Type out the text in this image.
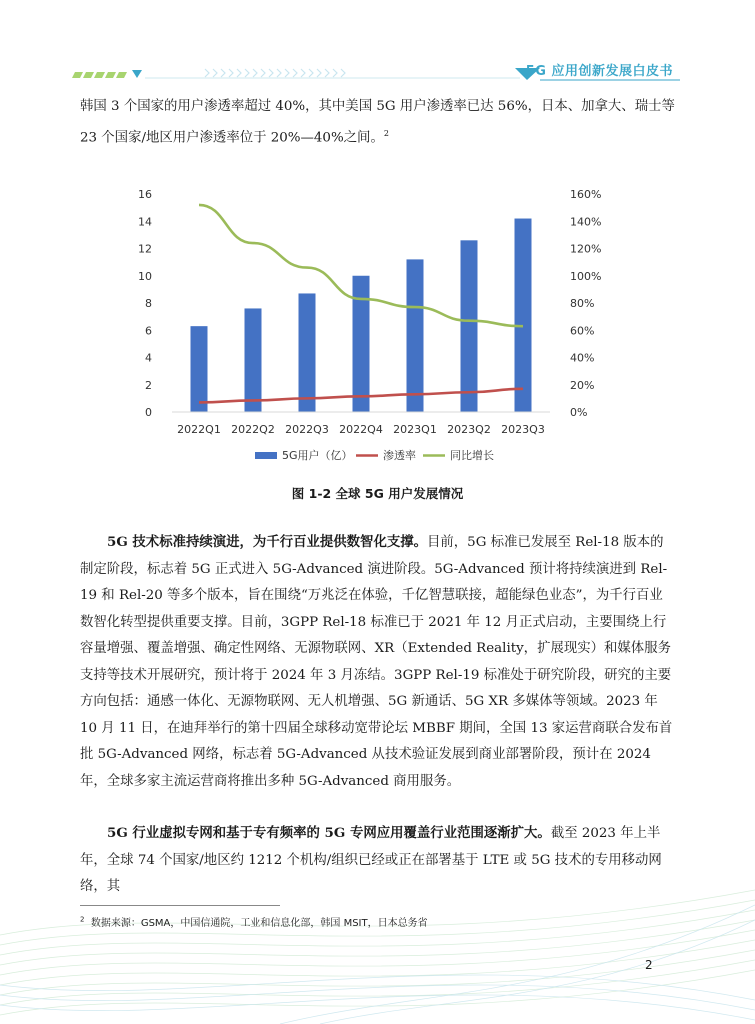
5G 应用创新发展白皮书

韩国 3 个国家的用户渗透率超过 40%，其中美国 5G 用户渗透率已达 56%，日本、加拿大、瑞士等 23 个国家/地区用户渗透率位于 20%—40%之间。$^2$

0
2
4
6
8
10
12
14
16
0%
20%
40%
60%
80%
100%
120%
140%
160%
2022Q1 2022Q2 2022Q3 2022Q4 2023Q1 2023Q2 2023Q3
5G用户（亿）	渗透率	同比增长
图 1-2 全球 5G 用户发展情况

5G 技术标准持续演进，为千行百业提供数智化支撑。目前，5G 标准已发展至 Rel-18 版本的制定阶段，标志着 5G 正式进入 5G-Advanced 演进阶段。5G-Advanced 预计将持续演进到 Rel-19 和 Rel-20 等多个版本，旨在围绕“万兆泛在体验，千亿智慧联接，超能绿色业态”，为千行百业数智化转型提供重要支撑。目前，3GPP Rel-18 标准已于 2021 年 12 月正式启动，主要围绕上行容量增强、覆盖增强、确定性网络、无源物联网、XR（Extended Reality，扩展现实）和媒体服务支持等技术开展研究，预计将于 2024 年 3 月冻结。3GPP Rel-19 标准处于研究阶段，研究的主要方向包括：通感一体化、无源物联网、无人机增强、5G 新通话、5G XR 多媒体等领域。2023 年 10 月 11 日，在迪拜举行的第十四届全球移动宽带论坛 MBBF 期间，全国 13 家运营商联合发布首批 5G-Advanced 网络，标志着 5G-Advanced 从技术验证发展到商业部署阶段，预计在 2024 年，全球多家主流运营商将推出多种 5G-Advanced 商用服务。

5G 行业虚拟专网和基于专有频率的 5G 专网应用覆盖行业范围逐渐扩大。截至 2023 年上半年，全球 74 个国家/地区约 1212 个机构/组织已经或正在部署基于 LTE 或 5G 技术的专用移动网络，其

$^2$ 数据来源：GSMA，中国信通院，工业和信息化部，韩国 MSIT，日本总务省
2
